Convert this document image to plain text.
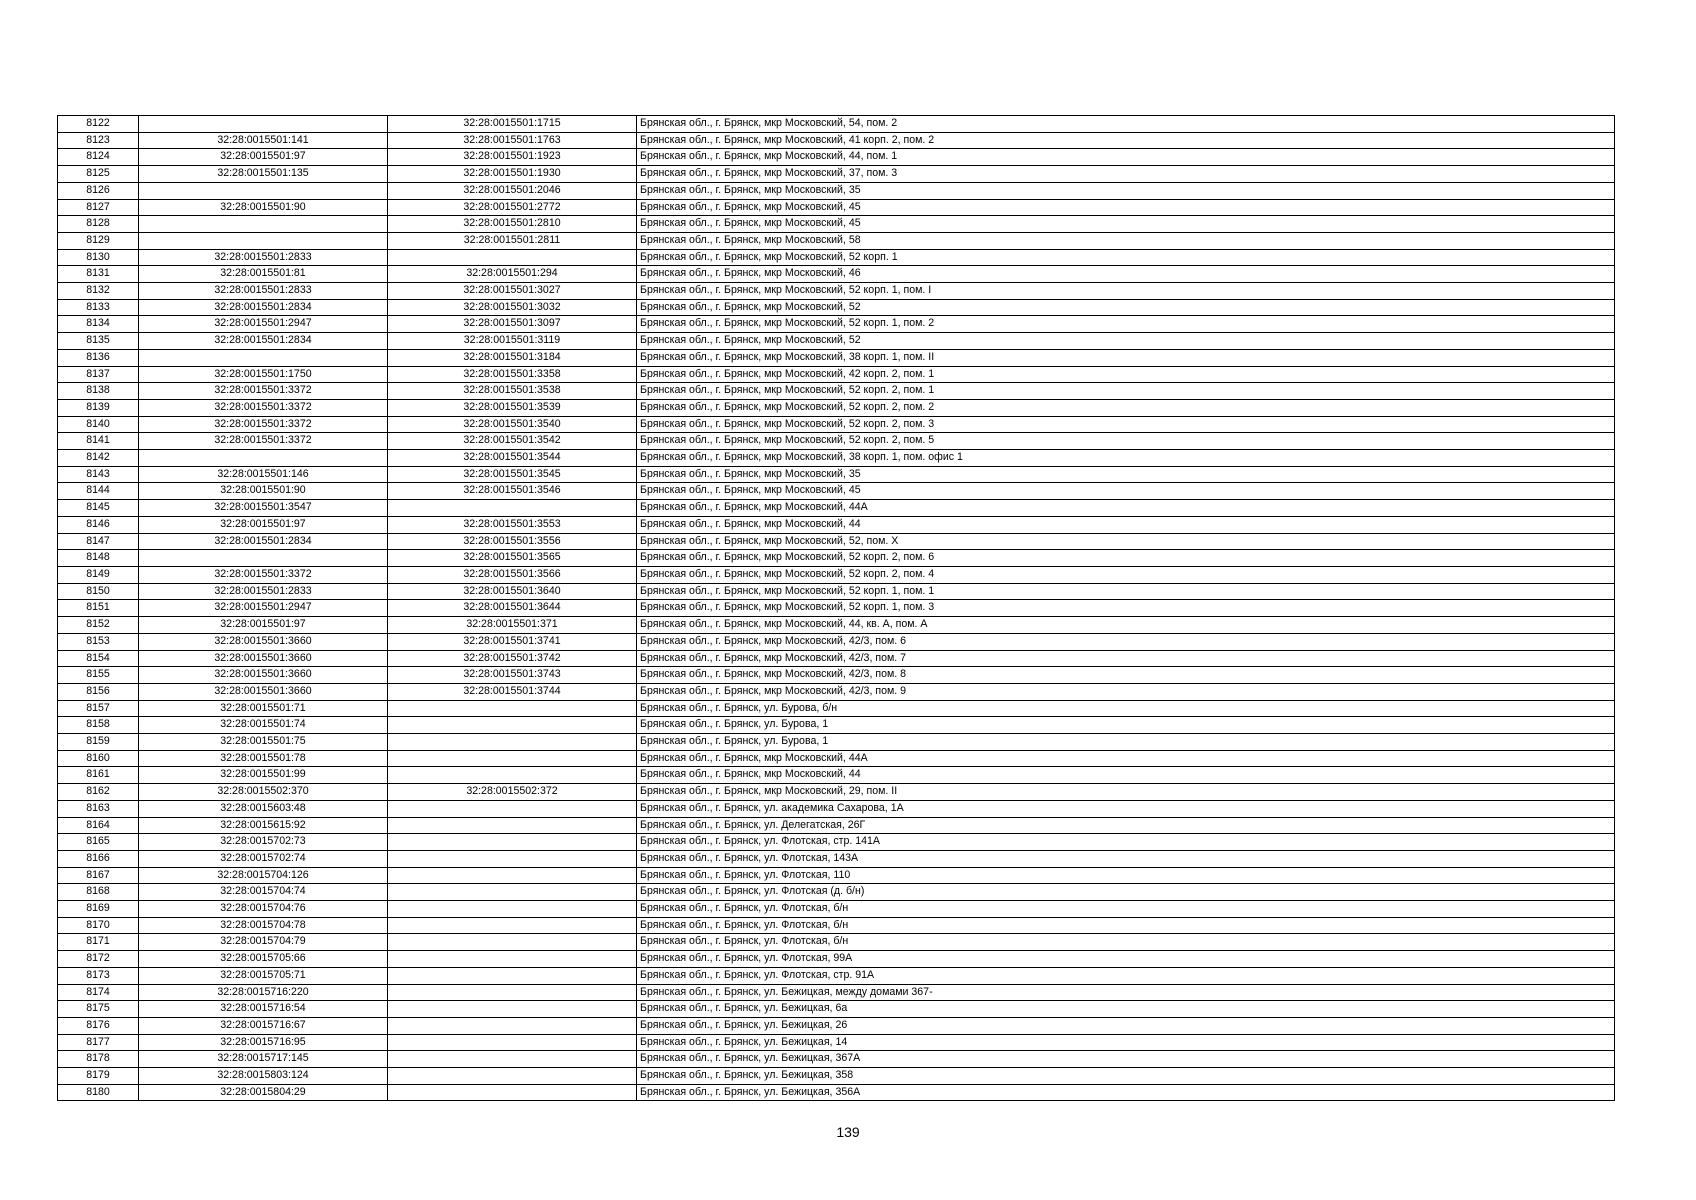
8122		32:28:0015501:1715	Брянская обл., г. Брянск, мкр Московский, 54, пом. 2
8123	32:28:0015501:141	32:28:0015501:1763	Брянская обл., г. Брянск, мкр Московский, 41 корп. 2, пом. 2
8124	32:28:0015501:97	32:28:0015501:1923	Брянская обл., г. Брянск, мкр Московский, 44, пом. 1
8125	32:28:0015501:135	32:28:0015501:1930	Брянская обл., г. Брянск, мкр Московский, 37, пом. 3
8126		32:28:0015501:2046	Брянская обл., г. Брянск, мкр Московский, 35
8127	32:28:0015501:90	32:28:0015501:2772	Брянская обл., г. Брянск, мкр Московский, 45
8128		32:28:0015501:2810	Брянская обл., г. Брянск, мкр Московский, 45
8129		32:28:0015501:2811	Брянская обл., г. Брянск, мкр Московский, 58
8130	32:28:0015501:2833		Брянская обл., г. Брянск, мкр Московский, 52 корп. 1
8131	32:28:0015501:81	32:28:0015501:294	Брянская обл., г. Брянск, мкр Московский, 46
8132	32:28:0015501:2833	32:28:0015501:3027	Брянская обл., г. Брянск, мкр Московский, 52 корп. 1, пом. I
8133	32:28:0015501:2834	32:28:0015501:3032	Брянская обл., г. Брянск, мкр Московский, 52
8134	32:28:0015501:2947	32:28:0015501:3097	Брянская обл., г. Брянск, мкр Московский, 52 корп. 1, пом. 2
8135	32:28:0015501:2834	32:28:0015501:3119	Брянская обл., г. Брянск, мкр Московский, 52
8136		32:28:0015501:3184	Брянская обл., г. Брянск, мкр Московский, 38 корп. 1, пом. II
8137	32:28:0015501:1750	32:28:0015501:3358	Брянская обл., г. Брянск, мкр Московский, 42 корп. 2, пом. 1
8138	32:28:0015501:3372	32:28:0015501:3538	Брянская обл., г. Брянск, мкр Московский, 52 корп. 2, пом. 1
8139	32:28:0015501:3372	32:28:0015501:3539	Брянская обл., г. Брянск, мкр Московский, 52 корп. 2, пом. 2
8140	32:28:0015501:3372	32:28:0015501:3540	Брянская обл., г. Брянск, мкр Московский, 52 корп. 2, пом. 3
8141	32:28:0015501:3372	32:28:0015501:3542	Брянская обл., г. Брянск, мкр Московский, 52 корп. 2, пом. 5
8142		32:28:0015501:3544	Брянская обл., г. Брянск, мкр Московский, 38 корп. 1, пом. офис 1
8143	32:28:0015501:146	32:28:0015501:3545	Брянская обл., г. Брянск, мкр Московский, 35
8144	32:28:0015501:90	32:28:0015501:3546	Брянская обл., г. Брянск, мкр Московский, 45
8145	32:28:0015501:3547		Брянская обл., г. Брянск, мкр Московский, 44А
8146	32:28:0015501:97	32:28:0015501:3553	Брянская обл., г. Брянск, мкр Московский, 44
8147	32:28:0015501:2834	32:28:0015501:3556	Брянская обл., г. Брянск, мкр Московский, 52, пом. X
8148		32:28:0015501:3565	Брянская обл., г. Брянск, мкр Московский, 52 корп. 2, пом. 6
8149	32:28:0015501:3372	32:28:0015501:3566	Брянская обл., г. Брянск, мкр Московский, 52 корп. 2, пом. 4
8150	32:28:0015501:2833	32:28:0015501:3640	Брянская обл., г. Брянск, мкр Московский, 52 корп. 1, пом. 1
8151	32:28:0015501:2947	32:28:0015501:3644	Брянская обл., г. Брянск, мкр Московский, 52 корп. 1, пом. 3
8152	32:28:0015501:97	32:28:0015501:371	Брянская обл., г. Брянск, мкр Московский, 44, кв. А, пом. А
8153	32:28:0015501:3660	32:28:0015501:3741	Брянская обл., г. Брянск, мкр Московский, 42/3, пом. 6
8154	32:28:0015501:3660	32:28:0015501:3742	Брянская обл., г. Брянск, мкр Московский, 42/3, пом. 7
8155	32:28:0015501:3660	32:28:0015501:3743	Брянская обл., г. Брянск, мкр Московский, 42/3, пом. 8
8156	32:28:0015501:3660	32:28:0015501:3744	Брянская обл., г. Брянск, мкр Московский, 42/3, пом. 9
8157	32:28:0015501:71		Брянская обл., г. Брянск, ул. Бурова, б/н
8158	32:28:0015501:74		Брянская обл., г. Брянск, ул. Бурова, 1
8159	32:28:0015501:75		Брянская обл., г. Брянск, ул. Бурова, 1
8160	32:28:0015501:78		Брянская обл., г. Брянск, мкр Московский, 44А
8161	32:28:0015501:99		Брянская обл., г. Брянск, мкр Московский, 44
8162	32:28:0015502:370	32:28:0015502:372	Брянская обл., г. Брянск, мкр Московский, 29, пом. II
8163	32:28:0015603:48		Брянская обл., г. Брянск, ул. академика Сахарова, 1А
8164	32:28:0015615:92		Брянская обл., г. Брянск, ул. Делегатская, 26Г
8165	32:28:0015702:73		Брянская обл., г. Брянск, ул. Флотская, стр. 141А
8166	32:28:0015702:74		Брянская обл., г. Брянск, ул. Флотская, 143А
8167	32:28:0015704:126		Брянская обл., г. Брянск, ул. Флотская, 110
8168	32:28:0015704:74		Брянская обл., г. Брянск, ул. Флотская (д. б/н)
8169	32:28:0015704:76		Брянская обл., г. Брянск, ул. Флотская, б/н
8170	32:28:0015704:78		Брянская обл., г. Брянск, ул. Флотская, б/н
8171	32:28:0015704:79		Брянская обл., г. Брянск, ул. Флотская, б/н
8172	32:28:0015705:66		Брянская обл., г. Брянск, ул. Флотская, 99А
8173	32:28:0015705:71		Брянская обл., г. Брянск, ул. Флотская, стр. 91А
8174	32:28:0015716:220		Брянская обл., г. Брянск, ул. Бежицкая, между домами 367-
8175	32:28:0015716:54		Брянская обл., г. Брянск, ул. Бежицкая, 6а
8176	32:28:0015716:67		Брянская обл., г. Брянск, ул. Бежицкая, 26
8177	32:28:0015716:95		Брянская обл., г. Брянск, ул. Бежицкая, 14
8178	32:28:0015717:145		Брянская обл., г. Брянск, ул. Бежицкая, 367А
8179	32:28:0015803:124		Брянская обл., г. Брянск, ул. Бежицкая, 358
8180	32:28:0015804:29		Брянская обл., г. Брянск, ул. Бежицкая, 356А
139
